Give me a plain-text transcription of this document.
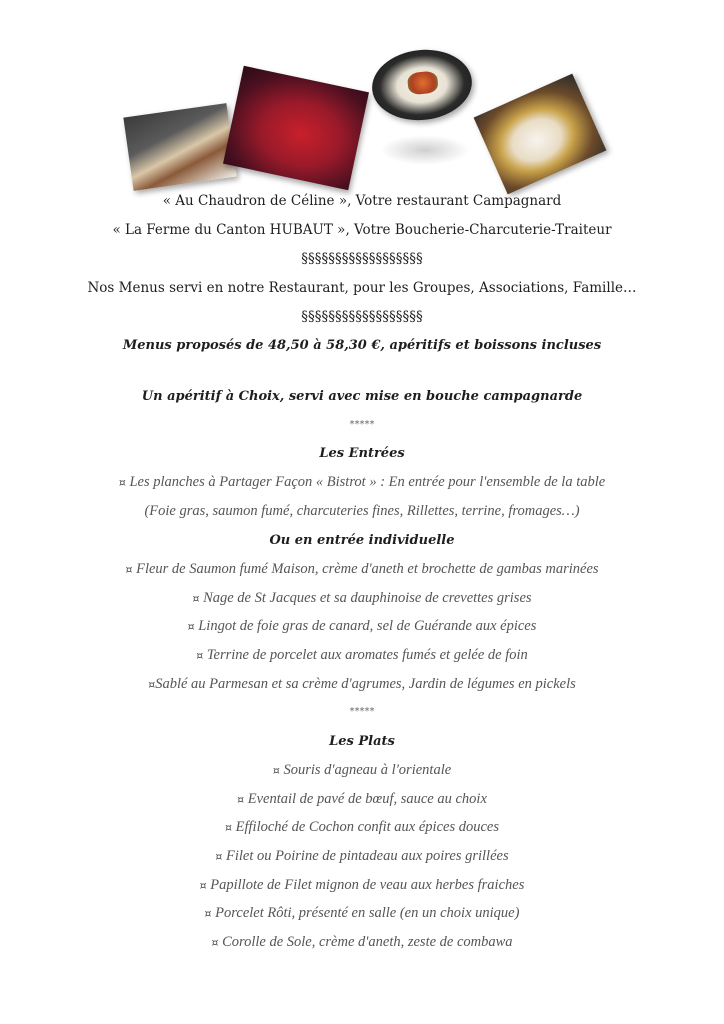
« Au Chaudron de Céline », Votre restaurant Campagnard
« La Ferme du Canton HUBAUT », Votre Boucherie-Charcuterie-Traiteur
§§§§§§§§§§§§§§§§§§
Nos Menus servi en notre Restaurant, pour les Groupes, Associations, Famille…
§§§§§§§§§§§§§§§§§§
Menus proposés de 48,50 à 58,30 €, apéritifs et boissons incluses
Un apéritif à Choix, servi avec mise en bouche campagnarde
*****
Les Entrées
¤ Les planches à Partager Façon « Bistrot » : En entrée pour l'ensemble de la table
(Foie gras, saumon fumé, charcuteries fines, Rillettes, terrine, fromages…)
Ou en entrée individuelle
¤ Fleur de Saumon fumé Maison, crème d'aneth et brochette de gambas marinées
¤ Nage de St Jacques et sa dauphinoise de crevettes grises
¤ Lingot de foie gras de canard, sel de Guérande aux épices
¤ Terrine de porcelet aux aromates fumés et gelée de foin
¤Sablé au Parmesan et sa crème d'agrumes, Jardin de légumes en pickels
*****
Les Plats
¤ Souris d'agneau à l'orientale
¤ Eventail de pavé de bœuf, sauce au choix
¤ Effiloché de Cochon confit aux épices douces
¤ Filet ou Poirine de pintadeau aux poires grillées
¤ Papillote de Filet mignon de veau aux herbes fraiches
¤ Porcelet Rôti, présenté en salle (en un choix unique)
¤ Corolle de Sole, crème d'aneth, zeste de combawa
